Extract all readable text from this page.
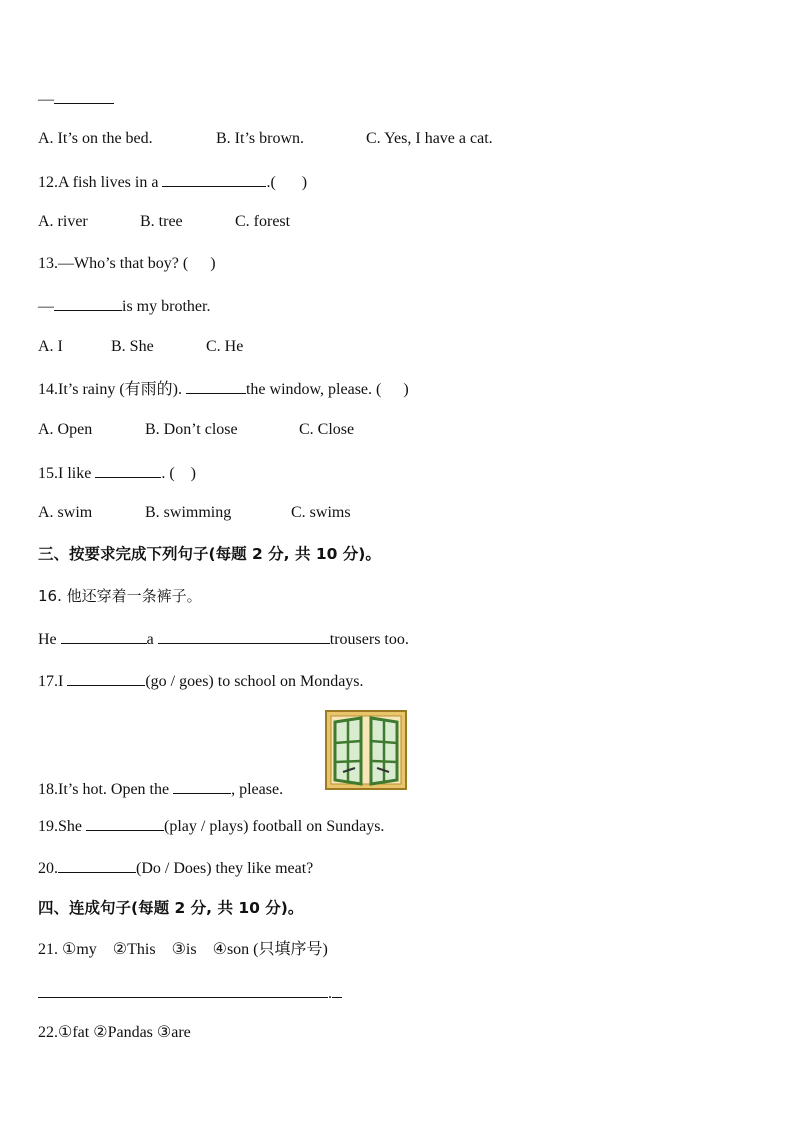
—
A. It’s on the bed.	B. It’s brown.	C. Yes, I have a cat.
12.A fish lives in a	.( )
A. river	B. tree	C. forest
13.—Who’s that boy? ( )
—	is my brother.
A. I	B. She	C. He
14.It’s rainy (有雨的).	the window, please. ( )
A. Open	B. Don’t close	C. Close
15.I like	. ( )
A. swim	B. swimming	C. swims
三、按要求完成下列句子(每题 2 分, 共 10 分)。
16. 他还穿着一条裤子。
He	a	trousers too.
17.I	(go / goes) to school on Mondays.
18.It’s hot. Open the	, please.
19.She	(play / plays) football on Sundays.
20.	(Do / Does) they like meat?
四、连成句子(每题 2 分, 共 10 分)。
21. ①my    ②This    ③is    ④son (只填序号)
.
22.①fat ②Pandas ③are
